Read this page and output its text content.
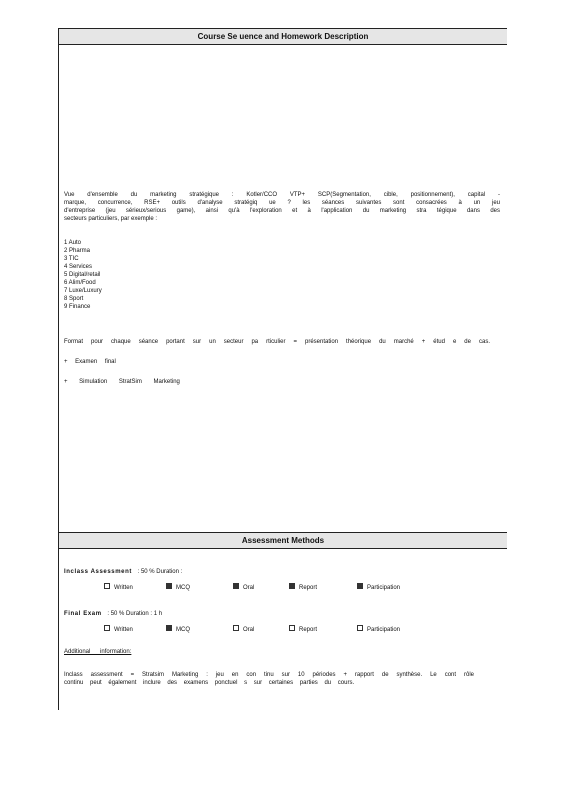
Course Se uence and Homework Description
Vue d'ensemble du marketing stratégique : Kotler/CCO VTP+ SCP(Segmentation, cible, positionnement), capital -
marque, concurrence, RSE+ outils d'analyse stratégiq ue ? les séances suivantes sont consacrées à un jeu
d'entreprise (jeu sérieux/serious game), ainsi qu'à l'exploration et à l'application du marketing stra tégique dans des
secteurs particuliers, par exemple :
1 Auto
2 Pharma
3 TIC
4 Services
5 Digital/retail
6 Alim/Food
7 Luxe/Luxury
8 Sport
9 Finance
Format pour chaque séance portant sur un secteur pa rticulier = présentation théorique du marché + étud e de cas.
+ Examen final
+ Simulation StratSim Marketing
Assessment Methods
Inclass Assessment : 50 % Duration :
Written	MCQ	Oral	Report	Participation
Final Exam : 50 % Duration : 1 h
Written	MCQ	Oral	Report	Participation
Additional information:
Inclass assessment = Stratsim Marketing : jeu en con tinu sur 10 périodes + rapport de synthèse. Le cont rôle
continu peut également inclure des examens ponctuel s sur certaines parties du cours.
